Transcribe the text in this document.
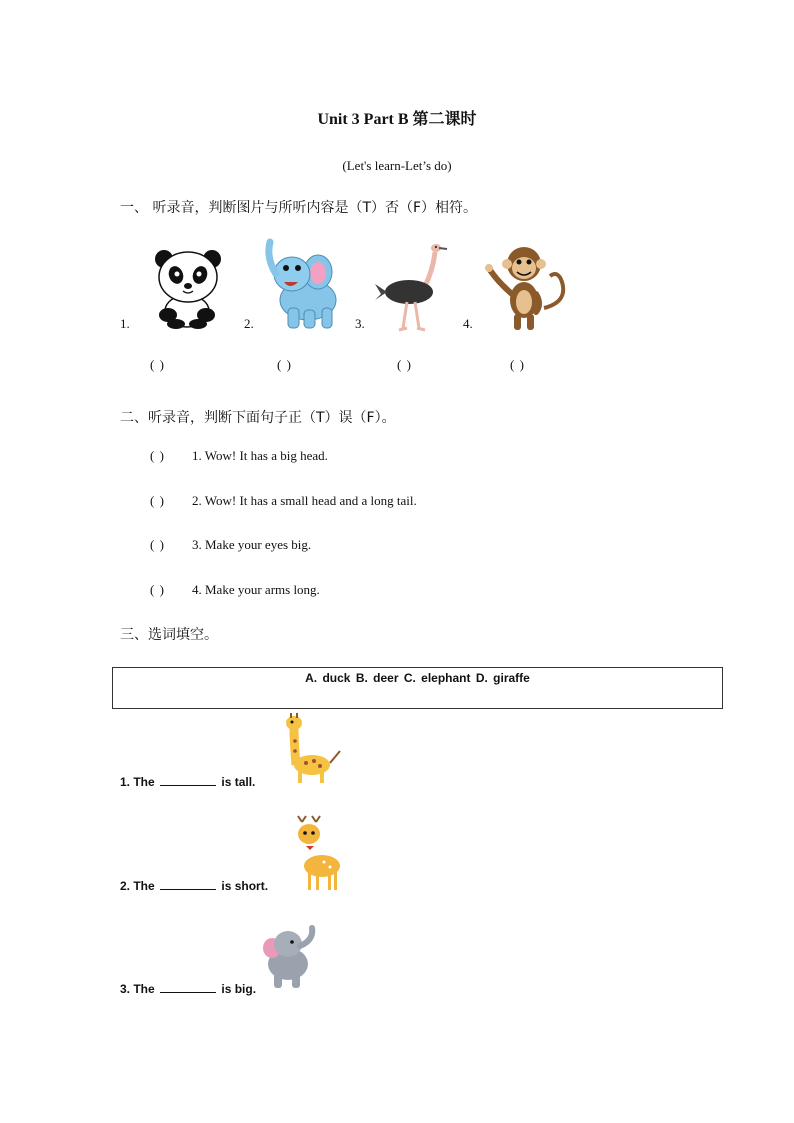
Unit 3 Part B 第二课时
(Let's learn-Let’s do)
一、 听录音，判断图片与所听内容是（T）否（F）相符。
1.	2.	3.	4.
( )	( )	( )	( )
二、听录音，判断下面句子正（T）误（F）。
( ) 1. Wow! It has a big head.
( ) 2. Wow! It has a small head and a long tail.
( ) 3. Make your eyes big.
( ) 4. Make your arms long.
三、选词填空。
A. duck B. deer C. elephant D. giraffe
1. The	is tall.
2. The	is short.
3. The	is big.
